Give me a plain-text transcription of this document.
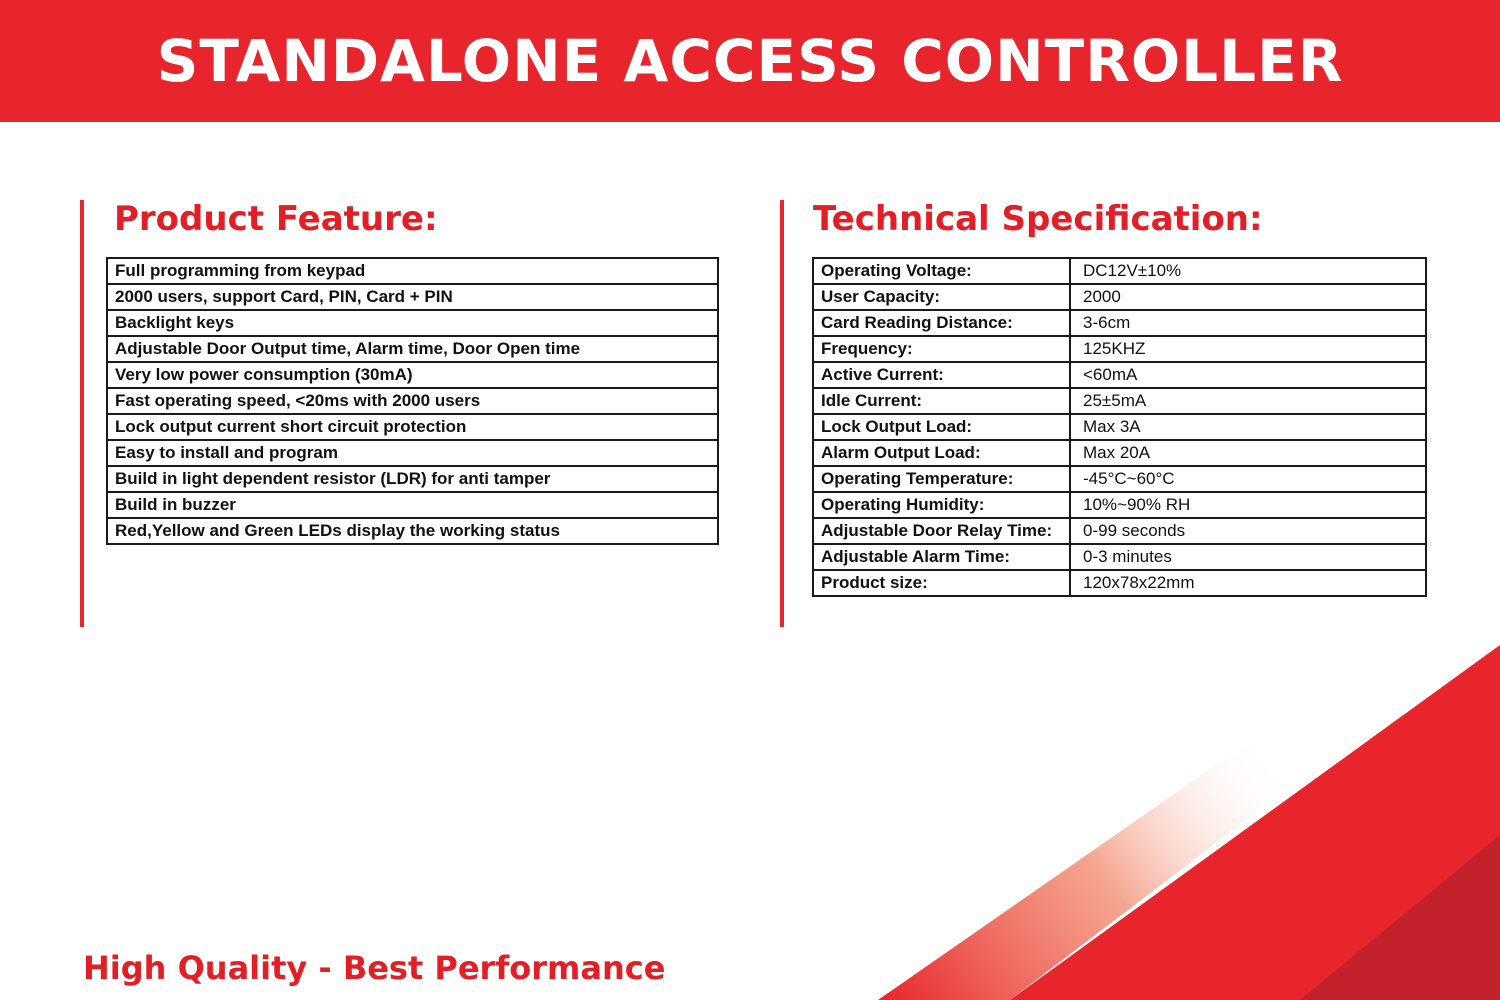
STANDALONE ACCESS CONTROLLER
Product Feature:
Full programming from keypad
2000 users, support Card, PIN, Card + PIN
Backlight keys
Adjustable Door Output time, Alarm time, Door Open time
Very low power consumption (30mA)
Fast operating speed, <20ms with 2000 users
Lock output current short circuit protection
Easy to install and program
Build in light dependent resistor (LDR) for anti tamper
Build in buzzer
Red,Yellow and Green LEDs display the working status
Technical Specification:
Operating Voltage:	DC12V±10%
User Capacity:	2000
Card Reading Distance:	3-6cm
Frequency:	125KHZ
Active Current:	<60mA
Idle Current:	25±5mA
Lock Output Load:	Max 3A
Alarm Output Load:	Max 20A
Operating Temperature:	-45°C~60°C
Operating Humidity:	10%~90% RH
Adjustable Door Relay Time:	0-99 seconds
Adjustable Alarm Time:	0-3 minutes
Product size:	120x78x22mm

High Quality - Best Performance
